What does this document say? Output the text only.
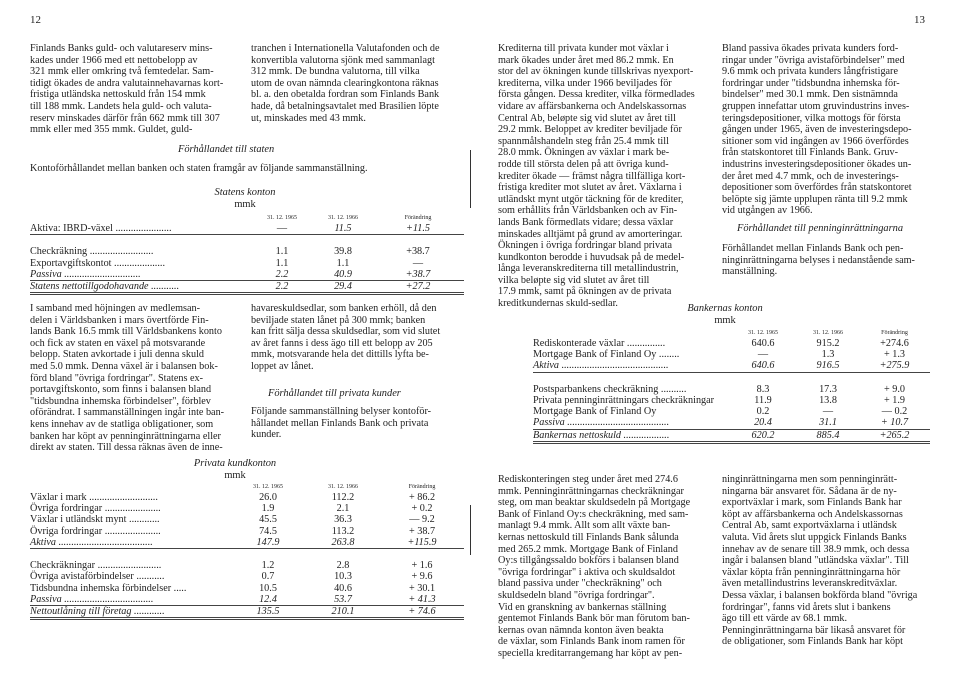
12	13

Finlands Banks guld- och valutareserv mins-

kades under 1966 med ett nettobelopp av

321 mmk eller omkring två femtedelar. Sam-

tidigt ökades de andra valutainnehavarnas kort-

fristiga utländska nettoskuld från 154 mmk

till 188 mmk. Landets hela guld- och valuta-

reserv minskades därför från 662 mmk till 307

mmk eller med 355 mmk. Guldet, guld-

tranchen i Internationella Valutafonden och de

konvertibla valutorna sjönk med sammanlagt

312 mmk. De bundna valutorna, till vilka

utom de ovan nämnda clearingkontona räknas

bl. a. den obetalda fordran som Finlands Bank

hade, då betalningsavtalet med Brasilien löpte

ut, minskades med 43 mmk.

Förhållandet till staten

Kontoförhållandet mellan banken och staten framgår av följande sammanställning.

Statens konton
mmk
	31. 12. 1965	31. 12. 1966	Förändring
Aktiva: IBRD-växel ......................	—	11.5	+11.5

Checkräkning .........................	1.1	39.8	+38.7
Exportavgiftskontot ....................	1.1	1.1	—
Passiva ..............................	2.2	40.9	+38.7
Statens nettotillgodohavande ...........	2.2	29.4	+27.2

I samband med höjningen av medlemsan-

delen i Världsbanken i mars övertförde Fin-

lands Bank 16.5 mmk till Världsbankens konto

och fick av staten en växel på motsvarande

belopp. Staten avkortade i juli denna skuld

med 5.0 mmk. Denna växel är i balansen bok-

förd bland "övriga fordringar". Statens ex-

portavgiftskonto, som finns i balansen bland

"tidsbundna inhemska förbindelser", förblev

oförändrat. I sammanställningen ingår inte ban-

kens innehav av de statliga obligationer, som

banken har köpt av penninginrättningarna eller

direkt av staten. Till dessa räknas även de inne-

havareskuldsedlar, som banken erhöll, då den

beviljade staten lånet på 300 mmk; banken

kan fritt sälja dessa skuldsedlar, som vid slutet

av året fanns i dess ägo till ett belopp av 205

mmk, motsvarande hela det dittills lyfta be-

loppet av lånet.

Förhållandet till privata kunder

Följande sammanställning belyser kontoför-

hållandet mellan Finlands Bank och privata

kunder.

Privata kundkonton
mmk
	31. 12. 1965	31. 12. 1966	Förändring
Växlar i mark ...........................	26.0	112.2	+ 86.2
Övriga fordringar ......................	1.9	2.1	+ 0.2
Växlar i utländskt mynt ............	45.5	36.3	— 9.2
Övriga fordringar ......................	74.5	113.2	+ 38.7
Aktiva .....................................	147.9	263.8	+115.9

Checkräkningar .........................	1.2	2.8	+ 1.6
Övriga avistaförbindelser ...........	0.7	10.3	+ 9.6
Tidsbundna inhemska förbindelser .....	10.5	40.6	+ 30.1
Passiva ...................................	12.4	53.7	+ 41.3
Nettoutlåning till företag ............	135.5	210.1	+ 74.6

Krediterna till privata kunder mot växlar i

mark ökades under året med 86.2 mmk. En

stor del av ökningen kunde tillskrivas nyexport-

krediterna, vilka under 1966 beviljades för

första gången. Dessa krediter, vilka förmedlades

vidare av affärsbankerna och Andelskassornas

Central Ab, beløpte sig vid slutet av året till

29.2 mmk. Beloppet av krediter beviljade för

spannmålshandeln steg från 25.4 mmk till

28.0 mmk. Ökningen av växlar i mark be-

rodde till största delen på att övriga kund-

krediter ökade — främst några tillfälliga kort-

fristiga krediter mot slutet av året. Växlarna i

utländskt mynt utgör täckning för de krediter,

som erhållits från Världsbanken och av Fin-

lands Bank förmedlats vidare; dessa växlar

minskades alltjämt på grund av amorteringar.

Ökningen i övriga fordringar bland privata

kundkonton berodde i huvudsak på de medel-

långa leveranskrediterna till metallindustrin,

vilka beløpte sig vid slutet av året till

17.9 mmk, samt på ökningen av de privata

kreditkundernas skuld-sedlar.

Bland passiva ökades privata kunders ford-

ringar under "övriga avistaförbindelser" med

9.6 mmk och privata kunders långfristigare

fordringar under "tidsbundna inhemska för-

bindelser" med 30.1 mmk. Den sistnämnda

gruppen innefattar utom gruvindustrins inves-

teringsdepositioner, vilka mottogs för första

gången under 1965, även de investeringsdepo-

sitioner som vid ingången av 1966 överfördes

från statskontoret till Finlands Bank. Gruv-

industrins investeringsdepositioner ökades un-

der året med 4.7 mmk, och de investerings-

depositioner som överfördes från statskontoret

belöpte sig jämte upplupen ränta till 9.2 mmk

vid utgången av 1966.

Förhållandet till penninginrättningarna

Förhållandet mellan Finlands Bank och pen-

ninginrättningarna belyses i nedanstående sam-

manställning.

Bankernas konton
mmk
	31. 12. 1965	31. 12. 1966	Förändring
Rediskonterade växlar ...............	640.6	915.2	+274.6
Mortgage Bank of Finland Oy ........	—	1.3	+ 1.3
Aktiva ..........................................	640.6	916.5	+275.9

Postsparbankens checkräkning ..........	8.3	17.3	+ 9.0
Privata penninginrättningars checkräkningar	11.9	13.8	+ 1.9
Mortgage Bank of Finland Oy	0.2	—	— 0.2
Passiva ........................................	20.4	31.1	+ 10.7
Bankernas nettoskuld ..................	620.2	885.4	+265.2

Rediskonteringen steg under året med 274.6

mmk. Penninginrättningarnas checkräkningar

steg, om man beaktar skuldsedeln på Mortgage

Bank of Finland Oy:s checkräkning, med sam-

manlagt 9.4 mmk. Allt som allt växte ban-

kernas nettoskuld till Finlands Bank sålunda

med 265.2 mmk. Mortgage Bank of Finland

Oy:s tillgångssaldo bokförs i balansen bland

"övriga fordringar" i aktiva och skuldsaldot

bland passiva under "checkräkning" och

skuldsedeln bland "övriga fordringar".

Vid en granskning av bankernas ställning

gentemot Finlands Bank bör man förutom ban-

kernas ovan nämnda konton även beakta

de växlar, som Finlands Bank inom ramen för

speciella kreditarrangemang har köpt av pen-

ninginrättningarna men som penninginrätt-

ningarna bär ansvaret för. Sådana är de ny-

exportväxlar i mark, som Finlands Bank har

köpt av affärsbankerna och Andelskassornas

Central Ab, samt exportväxlarna i utländsk

valuta. Vid årets slut uppgick Finlands Banks

innehav av de senare till 38.9 mmk, och dessa

ingår i balansen bland "utländska växlar". Till

växlar köpta från penninginrättningarna hör

även metallindustrins leveranskreditväxlar.

Dessa växlar, i balansen bokförda bland "övriga

fordringar", fanns vid årets slut i bankens

ägo till ett värde av 68.1 mmk.

Penninginrättningarna bär likaså ansvaret för

de obligationer, som Finlands Bank har köpt
